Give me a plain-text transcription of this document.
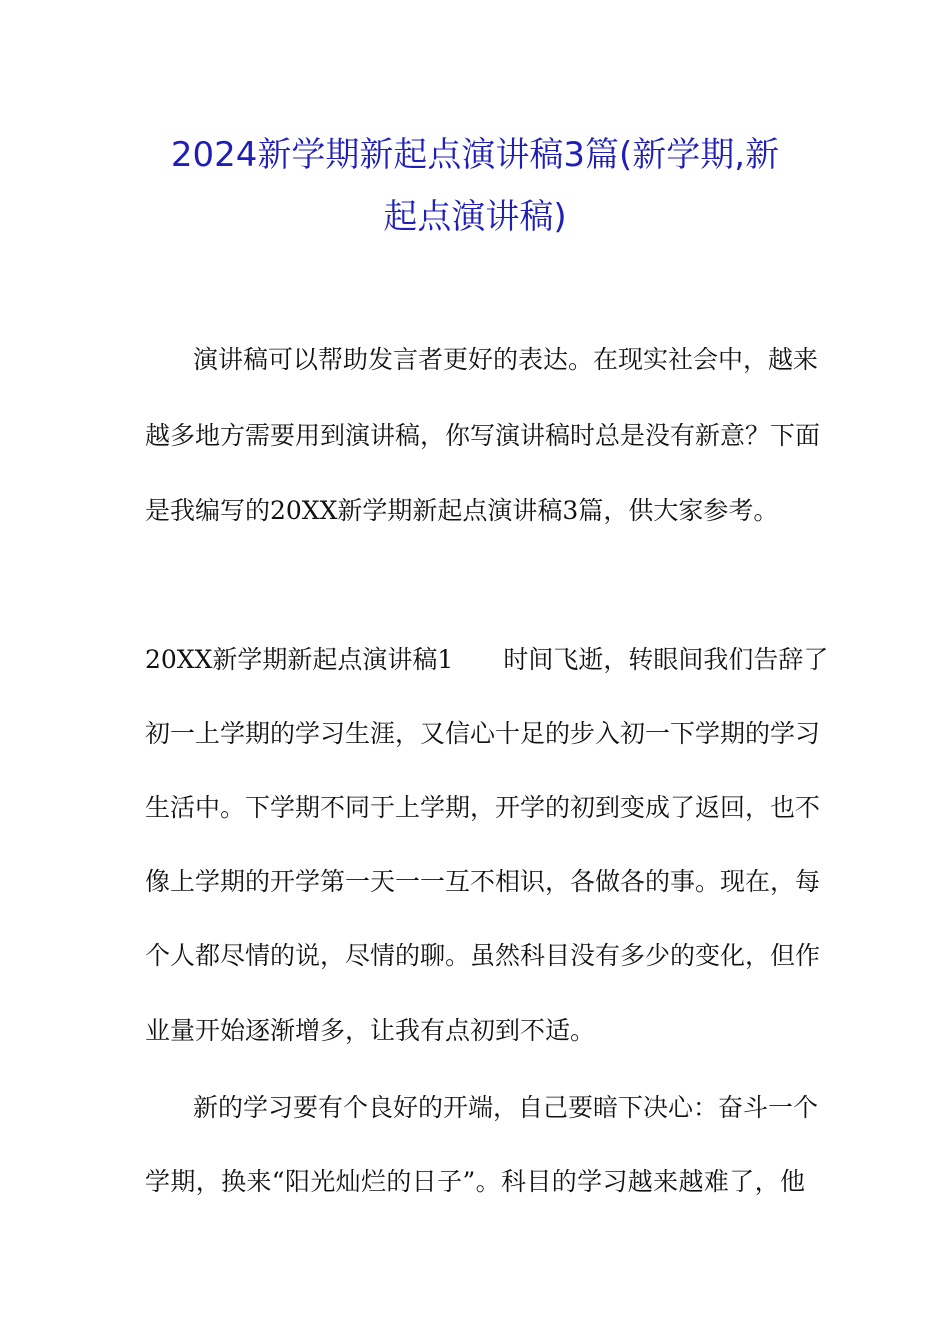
2024新学期新起点演讲稿3篇(新学期,新
起点演讲稿)
演讲稿可以帮助发言者更好的表达。在现实社会中，越来
越多地方需要用到演讲稿，你写演讲稿时总是没有新意？下面
是我编写的20XX新学期新起点演讲稿3篇，供大家参考。
20XX新学期新起点演讲稿1 时间飞逝，转眼间我们告辞了
初一上学期的学习生涯，又信心十足的步入初一下学期的学习
生活中。下学期不同于上学期，开学的初到变成了返回，也不
像上学期的开学第一天一一互不相识，各做各的事。现在，每
个人都尽情的说，尽情的聊。虽然科目没有多少的变化，但作
业量开始逐渐增多，让我有点初到不适。
新的学习要有个良好的开端，自己要暗下决心：奋斗一个
学期，换来“阳光灿烂的日子”。科目的学习越来越难了，他
